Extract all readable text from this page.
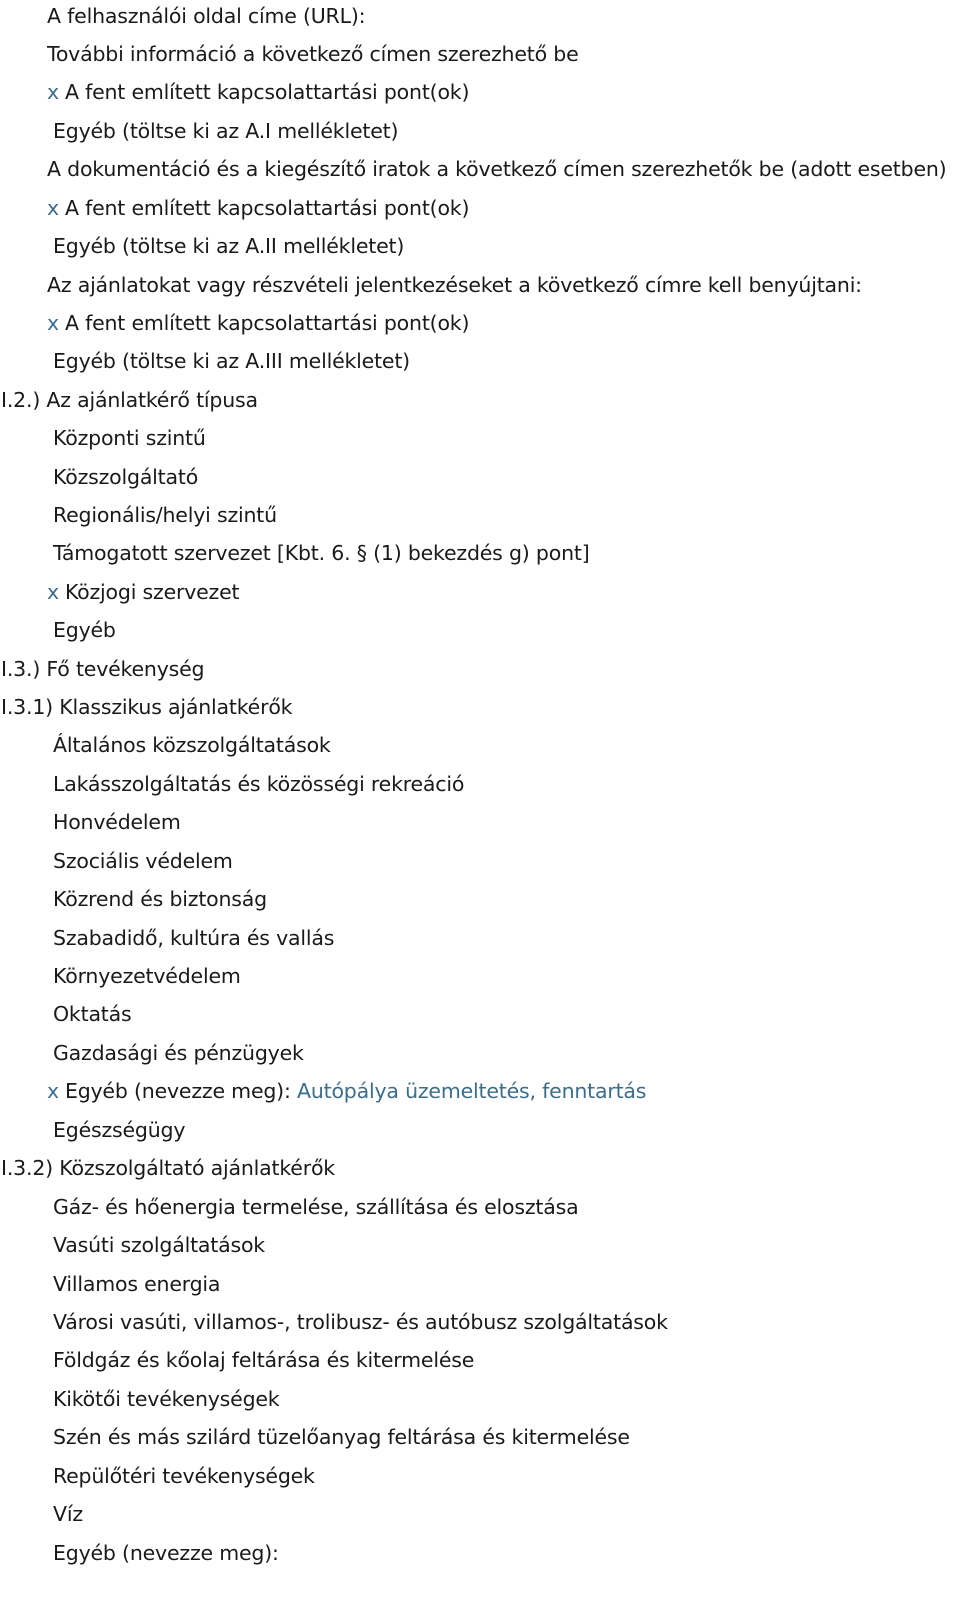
A felhasználói oldal címe (URL):
További információ a következő címen szerezhető be
x A fent említett kapcsolattartási pont(ok)
Egyéb (töltse ki az A.I mellékletet)
A dokumentáció és a kiegészítő iratok a következő címen szerezhetők be (adott esetben)
x A fent említett kapcsolattartási pont(ok)
Egyéb (töltse ki az A.II mellékletet)
Az ajánlatokat vagy részvételi jelentkezéseket a következő címre kell benyújtani:
x A fent említett kapcsolattartási pont(ok)
Egyéb (töltse ki az A.III mellékletet)
I.2.) Az ajánlatkérő típusa
Központi szintű
Közszolgáltató
Regionális/helyi szintű
Támogatott szervezet [Kbt. 6. § (1) bekezdés g) pont]
x Közjogi szervezet
Egyéb
I.3.) Fő tevékenység
I.3.1) Klasszikus ajánlatkérők
Általános közszolgáltatások
Lakásszolgáltatás és közösségi rekreáció
Honvédelem
Szociális védelem
Közrend és biztonság
Szabadidő, kultúra és vallás
Környezetvédelem
Oktatás
Gazdasági és pénzügyek
x Egyéb (nevezze meg): Autópálya üzemeltetés, fenntartás
Egészségügy
I.3.2) Közszolgáltató ajánlatkérők
Gáz- és hőenergia termelése, szállítása és elosztása
Vasúti szolgáltatások
Villamos energia
Városi vasúti, villamos-, trolibusz- és autóbusz szolgáltatások
Földgáz és kőolaj feltárása és kitermelése
Kikötői tevékenységek
Szén és más szilárd tüzelőanyag feltárása és kitermelése
Repülőtéri tevékenységek
Víz
Egyéb (nevezze meg):
